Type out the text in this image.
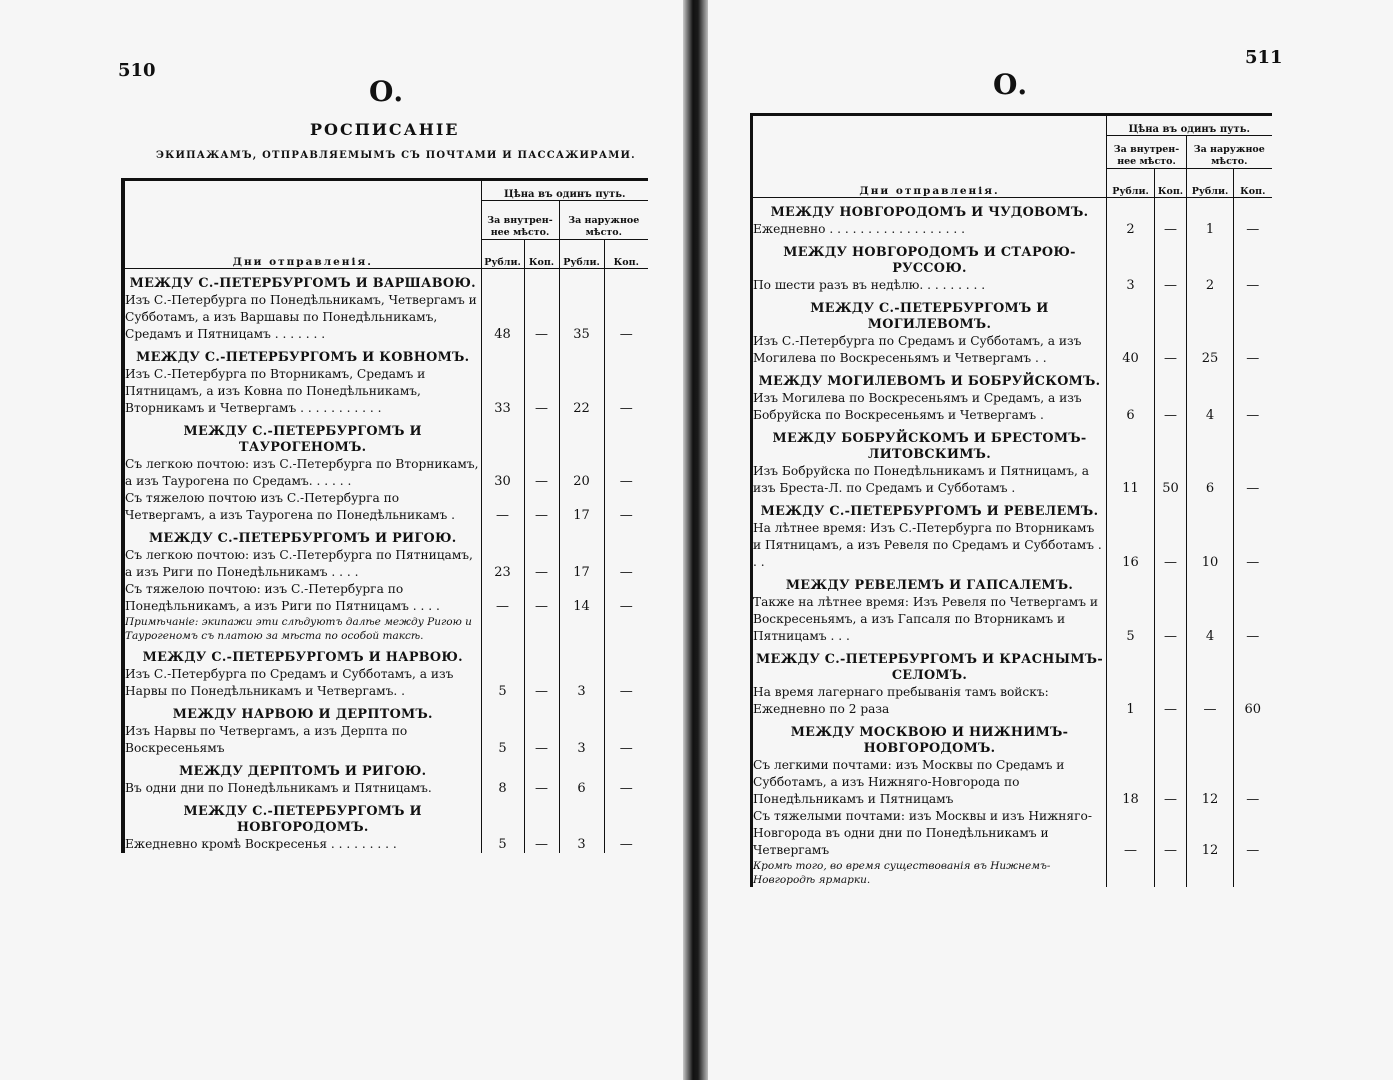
510
О.
РОСПИСАНІЕ
ЭКИПАЖАМЪ, ОТПРАВЛЯЕМЫМЪ СЪ ПОЧТАМИ И ПАССАЖИРАМИ.
Дни отправленія.	Цѣна въ одинъ путь.			
	За внутрен- нее мѣсто.		За наружное мѣсто.	
	Рубли.	Коп.	Рубли.	Коп.
МЕЖДУ С.-ПЕТЕРБУРГОМЪ И ВАРШАВОЮ.				
Изъ С.-Петербурга по Понедѣльникамъ, Четвергамъ и Субботамъ, а изъ Варшавы по Понедѣльникамъ, Средамъ и Пятницамъ . . . . . . .	48	—	35	—
МЕЖДУ С.-ПЕТЕРБУРГОМЪ И КОВНОМЪ.				
Изъ С.-Петербурга по Вторникамъ, Средамъ и Пятницамъ, а изъ Ковна по Понедѣльникамъ, Вторникамъ и Четвергамъ . . . . . . . . . . .	33	—	22	—
МЕЖДУ С.-ПЕТЕРБУРГОМЪ И ТАУРОГЕНОМЪ.				
Съ легкою почтою: изъ С.-Петербурга по Вторникамъ, а изъ Таурогена по Средамъ. . . . . .	30	—	20	—
Съ тяжелою почтою изъ С.-Петербурга по Четвергамъ, а изъ Таурогена по Понедѣльникамъ .	—	—	17	—
МЕЖДУ С.-ПЕТЕРБУРГОМЪ И РИГОЮ.				
Съ легкою почтою: изъ С.-Петербурга по Пятницамъ, а изъ Риги по Понедѣльникамъ . . . .	23	—	17	—
Съ тяжелою почтою: изъ С.-Петербурга по Понедѣльникамъ, а изъ Риги по Пятницамъ . . . .	—	—	14	—
Примѣчаніе: экипажи эти слѣдуютъ далѣе между Ригою и Таурогеномъ съ платою за мѣста по особой таксѣ.				
МЕЖДУ С.-ПЕТЕРБУРГОМЪ И НАРВОЮ.				
Изъ С.-Петербурга по Средамъ и Субботамъ, а изъ Нарвы по Понедѣльникамъ и Четвергамъ. .	5	—	3	—
МЕЖДУ НАРВОЮ И ДЕРПТОМЪ.				
Изъ Нарвы по Четвергамъ, а изъ Дерпта по Воскресеньямъ	5	—	3	—
МЕЖДУ ДЕРПТОМЪ И РИГОЮ.				
Въ одни дни по Понедѣльникамъ и Пятницамъ.	8	—	6	—
МЕЖДУ С.-ПЕТЕРБУРГОМЪ И НОВГОРОДОМЪ.				
Ежедневно кромѣ Воскресенья . . . . . . . . .	5	—	3	—
511
О.
Дни отправленія.	Цѣна въ одинъ путь.			
	За внутрен- нее мѣсто.		За наружное мѣсто.	
	Рубли.	Коп.	Рубли.	Коп.
МЕЖДУ НОВГОРОДОМЪ И ЧУДОВОМЪ.				
Ежедневно . . . . . . . . . . . . . . . . . .	2	—	1	—
МЕЖДУ НОВГОРОДОМЪ И СТАРОЮ-РУССОЮ.				
По шести разъ въ недѣлю. . . . . . . . .	3	—	2	—
МЕЖДУ С.-ПЕТЕРБУРГОМЪ И МОГИЛЕВОМЪ.				
Изъ С.-Петербурга по Средамъ и Субботамъ, а изъ Могилева по Воскресеньямъ и Четвергамъ . .	40	—	25	—
МЕЖДУ МОГИЛЕВОМЪ И БОБРУЙСКОМЪ.				
Изъ Могилева по Воскресеньямъ и Средамъ, а изъ Бобруйска по Воскресеньямъ и Четвергамъ .	6	—	4	—
МЕЖДУ БОБРУЙСКОМЪ И БРЕСТОМЪ-ЛИТОВСКИМЪ.				
Изъ Бобруйска по Понедѣльникамъ и Пятницамъ, а изъ Бреста-Л. по Средамъ и Субботамъ .	11	50	6	—
МЕЖДУ С.-ПЕТЕРБУРГОМЪ И РЕВЕЛЕМЪ.				
На лѣтнее время: Изъ С.-Петербурга по Вторникамъ и Пятницамъ, а изъ Ревеля по Средамъ и Субботамъ . . .	16	—	10	—
МЕЖДУ РЕВЕЛЕМЪ И ГАПСАЛЕМЪ.				
Также на лѣтнее время: Изъ Ревеля по Четвергамъ и Воскресеньямъ, а изъ Гапсаля по Вторникамъ и Пятницамъ . . .	5	—	4	—
МЕЖДУ С.-ПЕТЕРБУРГОМЪ И КРАСНЫМЪ-СЕЛОМЪ.				
На время лагернаго пребыванія тамъ войскъ: Ежедневно по 2 раза	1	—	—	60
МЕЖДУ МОСКВОЮ И НИЖНИМЪ-НОВГОРОДОМЪ.				
Съ легкими почтами: изъ Москвы по Средамъ и Субботамъ, а изъ Нижняго-Новгорода по Понедѣльникамъ и Пятницамъ	18	—	12	—
Съ тяжелыми почтами: изъ Москвы и изъ Нижняго-Новгорода въ одни дни по Понедѣльникамъ и Четвергамъ	—	—	12	—
Кромѣ того, во время существованія въ Нижнемъ-Новгородѣ ярмарки.				
